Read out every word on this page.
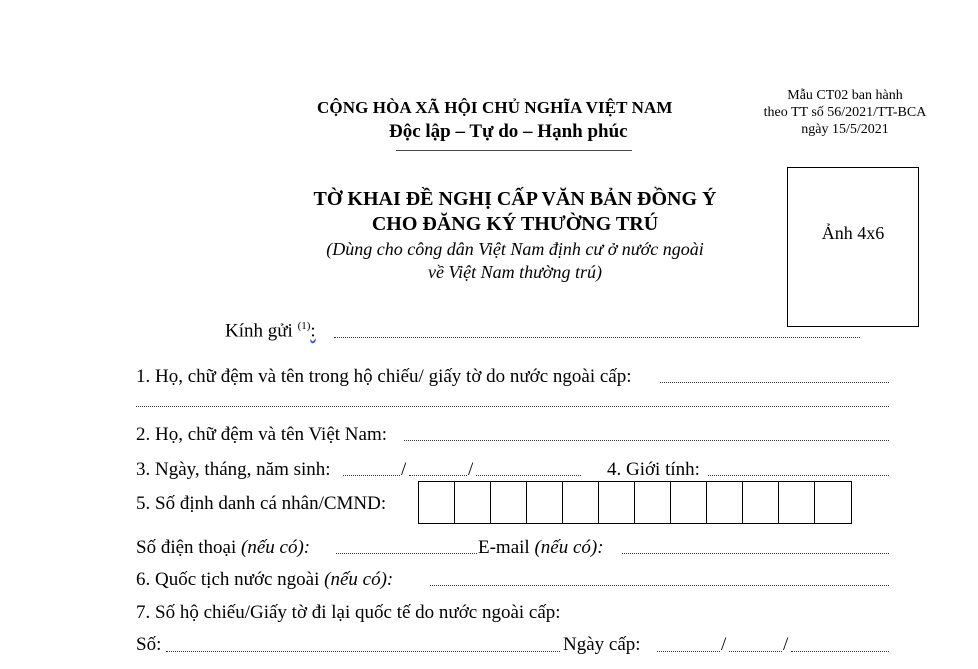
CỘNG HÒA XÃ HỘI CHỦ NGHĨA VIỆT NAM
Độc lập – Tự do – Hạnh phúc
Mẫu CT02 ban hành
theo TT số 56/2021/TT-BCA
ngày 15/5/2021
Ảnh 4x6
TỜ KHAI ĐỀ NGHỊ CẤP VĂN BẢN ĐỒNG Ý
CHO ĐĂNG KÝ THƯỜNG TRÚ
(Dùng cho công dân Việt Nam định cư ở nước ngoài
về Việt Nam thường trú)
Kính gửi $^{(1)}$:
1. Họ, chữ đệm và tên trong hộ chiếu/ giấy tờ do nước ngoài cấp:
2. Họ, chữ đệm và tên Việt Nam:
3. Ngày, tháng, năm sinh:	/	/	4. Giới tính:
5. Số định danh cá nhân/CMND:
Số điện thoại (nếu có):	E-mail (nếu có):
6. Quốc tịch nước ngoài (nếu có):
7. Số hộ chiếu/Giấy tờ đi lại quốc tế do nước ngoài cấp:
Số:	Ngày cấp:	/	/
